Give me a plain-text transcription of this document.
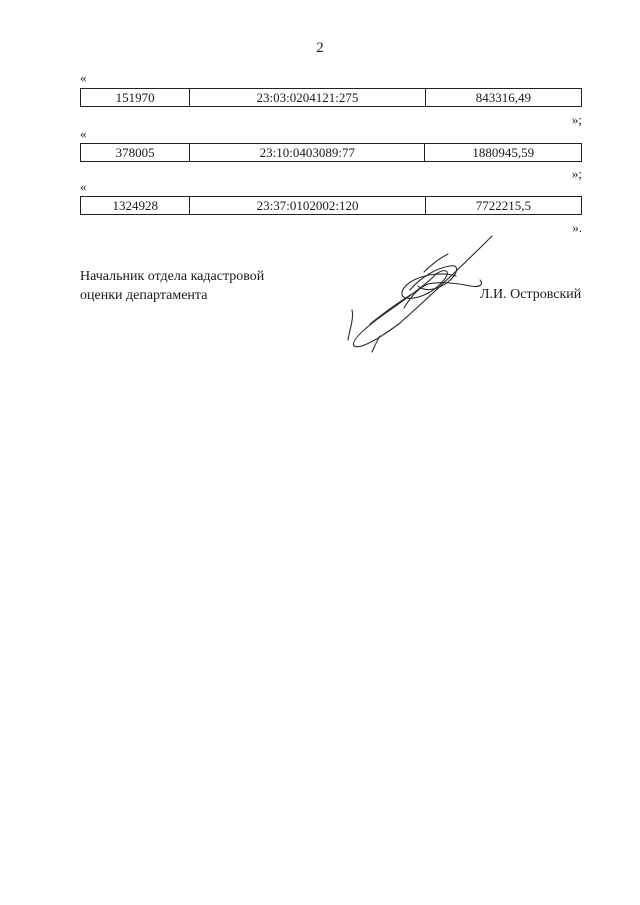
2
«
151970	23:03:0204121:275	843316,49
»;
«
378005	23:10:0403089:77	1880945,59
»;
«
1324928	23:37:0102002:120	7722215,5
».
Начальник отдела кадастровой
оценки департамента	Л.И. Островский
